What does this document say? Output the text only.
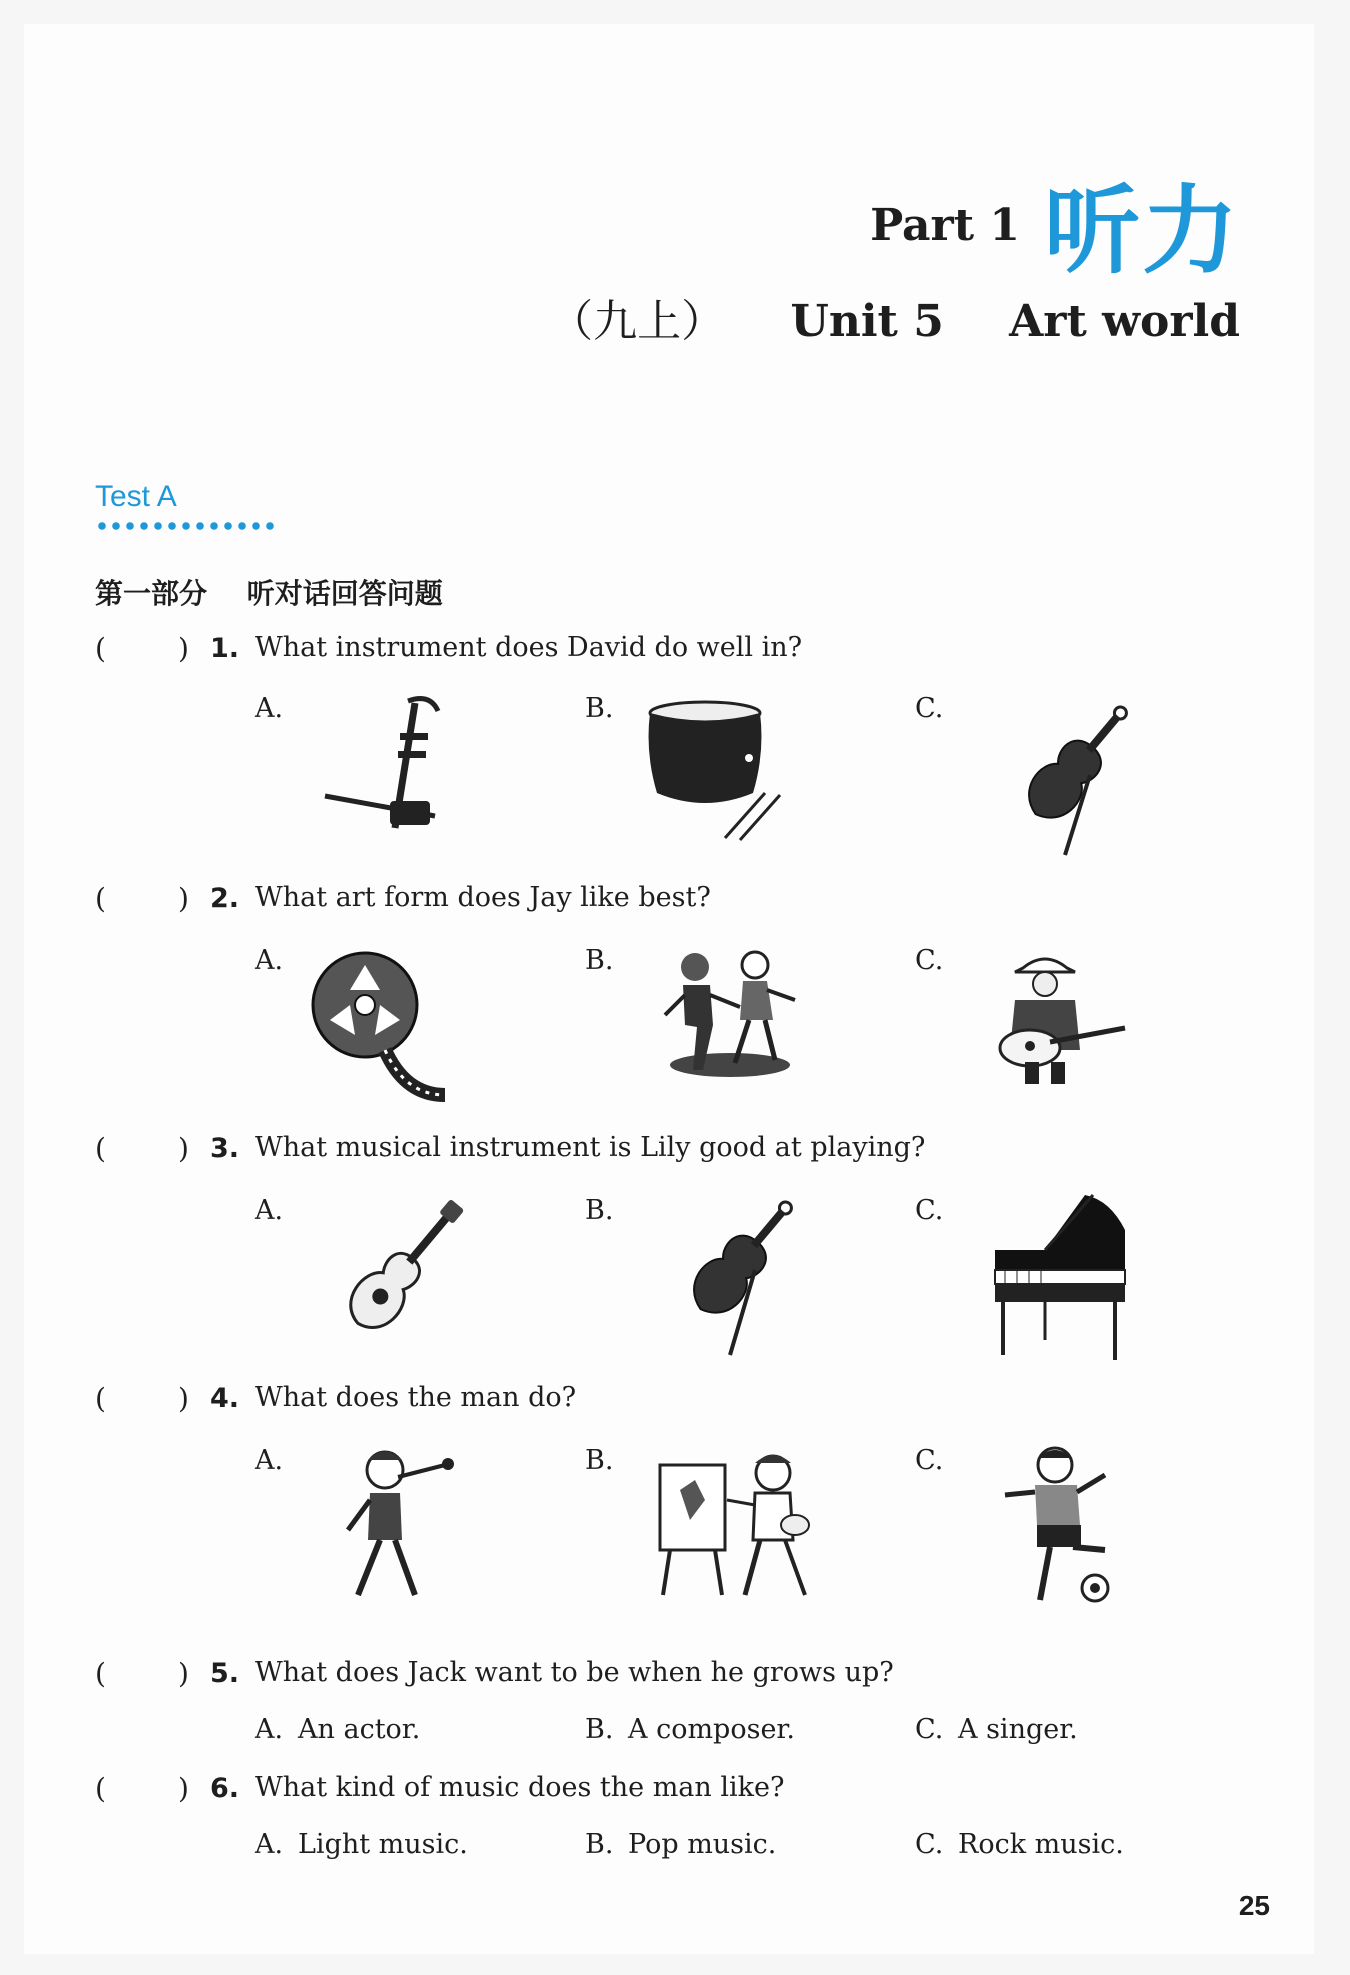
Part 1 听力
（九上） Unit 5 Art world
Test A
第一部分 听对话回答问题
(	) 1. What instrument does David do well in?
A.	B.	C.
(	) 2. What art form does Jay like best?
A.	B.	C.
(	) 3. What musical instrument is Lily good at playing?
A.	B.	C.
(	) 4. What does the man do?
A.	B.	C.
(	) 5. What does Jack want to be when he grows up?
A. An actor.	B. A composer.	C. A singer.
(	) 6. What kind of music does the man like?
A. Light music.	B. Pop music.	C. Rock music.
25
